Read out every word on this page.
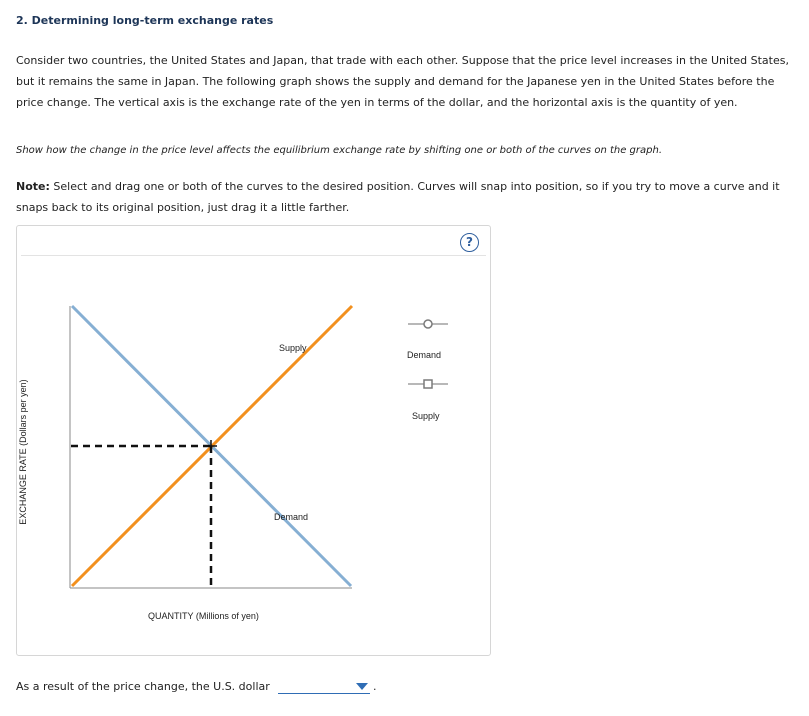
2. Determining long-term exchange rates
Consider two countries, the United States and Japan, that trade with each other. Suppose that the price level increases in the United States, but it remains the same in Japan. The following graph shows the supply and demand for the Japanese yen in the United States before the price change. The vertical axis is the exchange rate of the yen in terms of the dollar, and the horizontal axis is the quantity of yen.
Show how the change in the price level affects the equilibrium exchange rate by shifting one or both of the curves on the graph.
Note: Select and drag one or both of the curves to the desired position. Curves will snap into position, so if you try to move a curve and it snaps back to its original position, just drag it a little farther.
?
EXCHANGE RATE (Dollars per yen)
QUANTITY (Millions of yen)
Supply
Demand
Demand
Supply
As a result of the price change, the U.S. dollar	.
